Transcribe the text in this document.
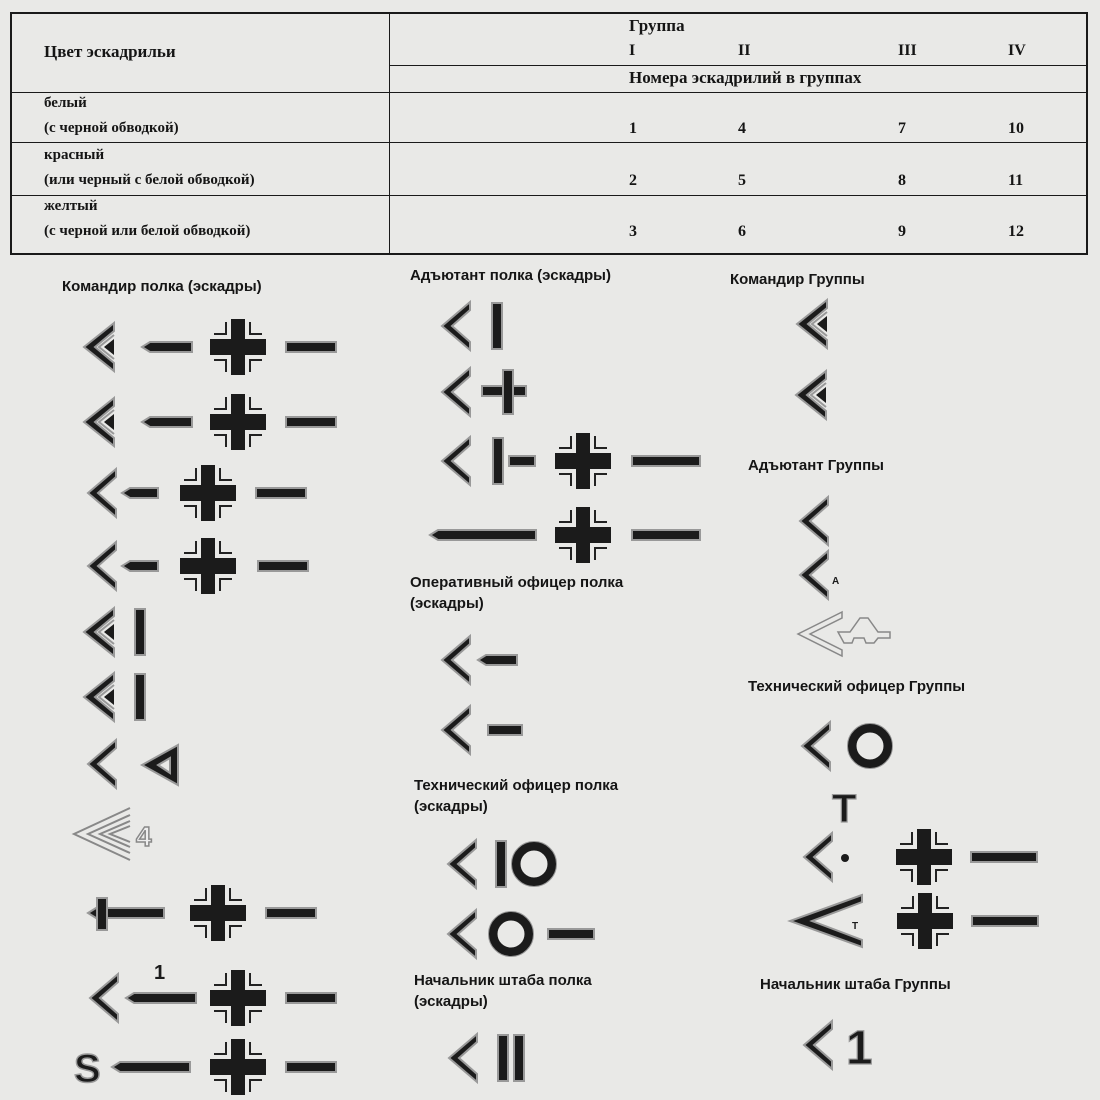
Цвет эскадрильи
Группа
I	II	III	IV
Номера эскадрилий в группах
белый
(с черной обводкой)	1	4	7	10
красный
(или черный с белой обводкой)	2	5	8	11
желтый
(с черной или белой обводкой)	3	6	9	12
Командир полка (эскадры)
Адъютант полка (эскадры)	Командир Группы
Адъютант Группы
Оперативный офицер полка
(эскадры)
Технический офицер Группы
Технический офицер полка
(эскадры)
Начальник штаба полка
(эскадры)
Начальник штаба Группы
4
1
S
A
T
T
1
